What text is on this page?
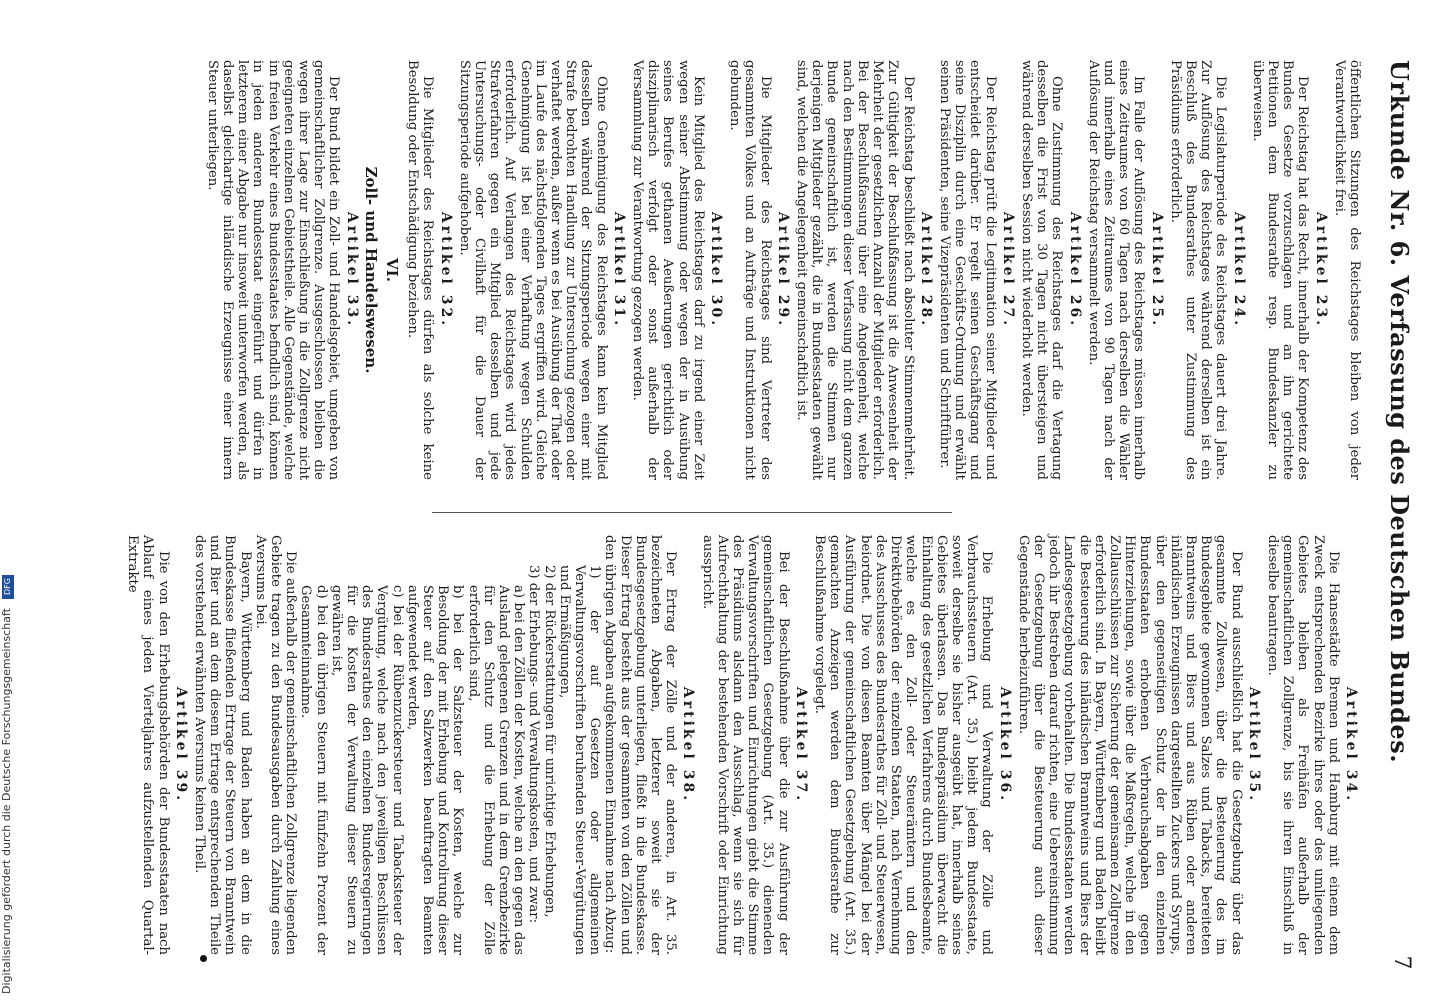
Urkunde Nr. 6. Verfassung des Deutschen Bundes.
7

öffentlichen Sitzungen des Reichstages bleiben von jeder Verantwortlichkeit frei.

Artikel 23.

Der Reichstag hat das Recht, innerhalb der Kompetenz des Bundes Gesetze vorzuschlagen und an ihn gerichtete Petitionen dem Bundesrathe resp. Bundeskanzler zu überweisen.

Artikel 24.

Die Legislaturperiode des Reichstages dauert drei Jahre. Zur Auflösung des Reichstages während derselben ist ein Beschluß des Bundesrathes unter Zustimmung des Präsidiums erforderlich.

Artikel 25.

Im Falle der Auflösung des Reichstages müssen innerhalb eines Zeitraumes von 60 Tagen nach derselben die Wähler und innerhalb eines Zeitraumes von 90 Tagen nach der Auflösung der Reichstag versammelt werden.

Artikel 26.

Ohne Zustimmung des Reichstages darf die Vertagung desselben die Frist von 30 Tagen nicht übersteigen und während derselben Session nicht wiederholt werden.

Artikel 27.

Der Reichstag prüft die Legitimation seiner Mitglieder und entscheidet darüber. Er regelt seinen Geschäftsgang und seine Disziplin durch eine Geschäfts-Ordnung und erwählt seinen Präsidenten, seine Vizepräsidenten und Schriftführer.

Artikel 28.

Der Reichstag beschließt nach absoluter Stimmenmehrheit. Zur Gültigkeit der Beschlußfassung ist die Anwesenheit der Mehrheit der gesetzlichen Anzahl der Mitglieder erforderlich. Bei der Beschlußfassung über eine Angelegenheit, welche nach den Bestimmungen dieser Verfassung nicht dem ganzen Bunde gemeinschaftlich ist, werden die Stimmen nur derjenigen Mitglieder gezählt, die in Bundesstaaten gewählt sind, welchen die Angelegenheit gemeinschaftlich ist.

Artikel 29.

Die Mitglieder des Reichstages sind Vertreter des gesammten Volkes und an Aufträge und Instruktionen nicht gebunden.

Artikel 30.

Kein Mitglied des Reichstages darf zu irgend einer Zeit wegen seiner Abstimmung oder wegen der in Ausübung seines Berufes gethanen Aeußerungen gerichtlich oder disziplinarisch verfolgt oder sonst außerhalb der Versammlung zur Verantwortung gezogen werden.

Artikel 31.

Ohne Genehmigung des Reichstages kann kein Mitglied desselben während der Sitzungsperiode wegen einer mit Strafe bedrohten Handlung zur Untersuchung gezogen oder verhaftet werden, außer wenn es bei Ausübung der That oder im Laufe des nächstfolgenden Tages ergriffen wird. Gleiche Genehmigung ist bei einer Verhaftung wegen Schulden erforderlich. Auf Verlangen des Reichstages wird jedes Strafverfahren gegen ein Mitglied desselben und jede Untersuchungs- oder Civilhaft für die Dauer der Sitzungsperiode aufgehoben.

Artikel 32.

Die Mitglieder des Reichstages dürfen als solche keine Besoldung oder Entschädigung beziehen.

VI.
Zoll- und Handelswesen.
Artikel 33.

Der Bund bildet ein Zoll- und Handelsgebiet, umgeben von gemeinschaftlicher Zollgrenze. Ausgeschlossen bleiben die wegen ihrer Lage zur Einschließung in die Zollgrenze nicht geeigneten einzelnen Gebietstheile. Alle Gegenstände, welche im freien Verkehr eines Bundesstaates befindlich sind, können in jeden anderen Bundesstaat eingeführt und dürfen in letzterem einer Abgabe nur insoweit unterworfen werden, als daselbst gleichartige inländische Erzeugnisse einer innern Steuer unterliegen.

Artikel 34.

Die Hansestädte Bremen und Hamburg mit einem dem Zweck entsprechenden Bezirke ihres oder des umliegenden Gebietes bleiben als Freihäfen außerhalb der gemeinschaftlichen Zollgrenze, bis sie ihren Einschluß in dieselbe beantragen.

Artikel 35.

Der Bund ausschließlich hat die Gesetzgebung über das gesammte Zollwesen, über die Besteuerung des im Bundesgebiete gewonnenen Salzes und Tabacks, bereiteten Branntweins und Biers und aus Rüben oder anderen inländischen Erzeugnissen dargestellten Zuckers und Syrups, über den gegenseitigen Schutz der in den einzelnen Bundesstaaten erhobenen Verbrauchsabgaben gegen Hinterziehungen, sowie über die Maßregeln, welche in den Zollausschlüssen zur Sicherung der gemeinsamen Zollgrenze erforderlich sind. In Bayern, Württemberg und Baden bleibt die Besteuerung des inländischen Branntweins und Biers der Landesgesetzgebung vorbehalten. Die Bundesstaaten werden jedoch ihr Bestreben darauf richten, eine Uebereinstimmung der Gesetzgebung über die Besteuerung auch dieser Gegenstände herbeizuführen.

Artikel 36.

Die Erhebung und Verwaltung der Zölle und Verbrauchssteuern (Art. 35.) bleibt jedem Bundesstaate, soweit derselbe sie bisher ausgeübt hat, innerhalb seines Gebietes überlassen. Das Bundespräsidium überwacht die Einhaltung des gesetzlichen Verfahrens durch Bundesbeamte, welche es den Zoll- oder Steuerämtern und den Direktivbehörden der einzelnen Staaten, nach Vernehmung des Ausschusses des Bundesrathes für Zoll- und Steuerwesen, beiordnet. Die von diesen Beamten über Mängel bei der Ausführung der gemeinschaftlichen Gesetzgebung (Art. 35.) gemachten Anzeigen werden dem Bundesrathe zur Beschlußnahme vorgelegt.

Artikel 37.

Bei der Beschlußnahme über die zur Ausführung der gemeinschaftlichen Gesetzgebung (Art. 35.) dienenden Verwaltungsvorschriften und Einrichtungen giebt die Stimme des Präsidiums alsdann den Ausschlag, wenn sie sich für Aufrechthaltung der bestehenden Vorschrift oder Einrichtung ausspricht.

Artikel 38.

Der Ertrag der Zölle und der anderen, in Art. 35. bezeichneten Abgaben, letzterer soweit sie der Bundesgesetzgebung unterliegen, fließt in die Bundeskasse. Dieser Ertrag besteht aus der gesammten von den Zöllen und den übrigen Abgaben aufgekommenen Einnahme nach Abzug:

1) der auf Gesetzen oder allgemeinen Verwaltungsvorschriften beruhenden Steuer-Vergütungen und Ermäßigungen,
2) der Rückerstattungen für unrichtige Erhebungen,
3) der Erhebungs- und Verwaltungskosten, und zwar:
a) bei den Zöllen der Kosten, welche an den gegen das Ausland gelegenen Grenzen und in dem Grenzbezirke für den Schutz und die Erhebung der Zölle erforderlich sind,
b) bei der Salzsteuer der Kosten, welche zur Besoldung der mit Erhebung und Kontrolirung dieser Steuer auf den Salzwerken beauftragten Beamten aufgewendet werden,
c) bei der Rübenzuckersteuer und Tabacksteuer der Vergütung, welche nach den jeweiligen Beschlüssen des Bundesrathes den einzelnen Bundesregierungen für die Kosten der Verwaltung dieser Steuern zu gewähren ist,
d) bei den übrigen Steuern mit fünfzehn Prozent der Gesammteinnahme.

Die außerhalb der gemeinschaftlichen Zollgrenze liegenden Gebiete tragen zu den Bundesausgaben durch Zahlung eines Aversums bei.

Bayern, Württemberg und Baden haben an dem in die Bundeskasse fließenden Ertrage der Steuern von Branntwein und Bier und an dem diesem Ertrage entsprechenden Theile des vorstehend erwähnten Aversums keinen Theil.

Artikel 39.

Die von den Erhebungsbehörden der Bundesstaaten nach Ablauf eines jeden Vierteljahres aufzustellenden Quartal-Extrakte

Digitalisierung gefördert durch die Deutsche Forschungsgemeinschaft DFG
